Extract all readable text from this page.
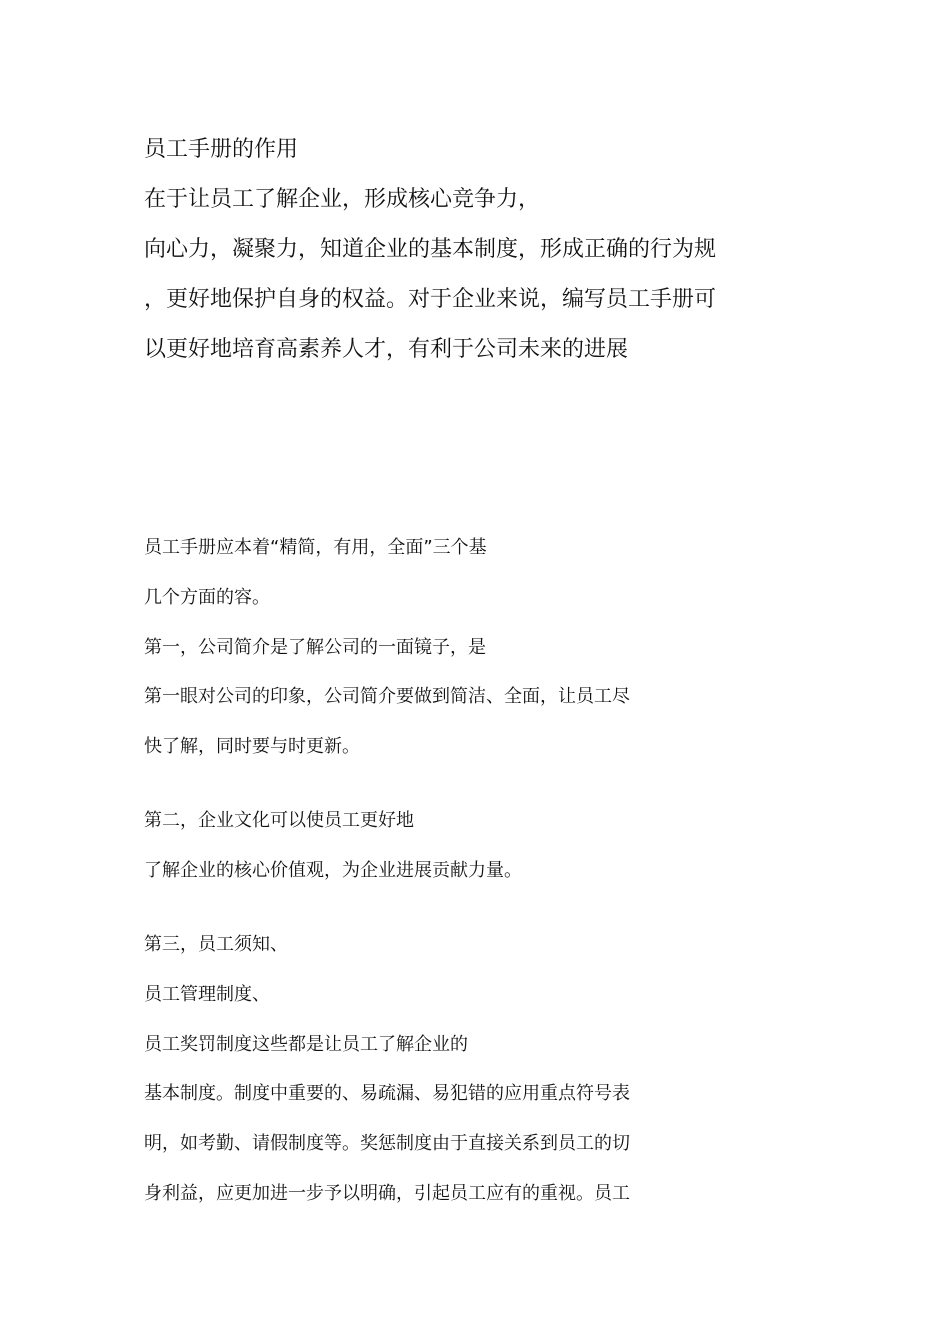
员工手册的作用

在于让员工了解企业，形成核心竞争力，

向心力，凝聚力，知道企业的基本制度，形成正确的行为规

，更好地保护自身的权益。对于企业来说，编写员工手册可

以更好地培育高素养人才，有利于公司未来的进展

员工手册应本着“精简，有用，全面”三个基

几个方面的容。

第一，公司简介是了解公司的一面镜子，是

第一眼对公司的印象，公司简介要做到简洁、全面，让员工尽

快了解，同时要与时更新。

第二，企业文化可以使员工更好地

了解企业的核心价值观，为企业进展贡献力量。

第三，员工须知、

员工管理制度、

员工奖罚制度这些都是让员工了解企业的

基本制度。制度中重要的、易疏漏、易犯错的应用重点符号表

明，如考勤、请假制度等。奖惩制度由于直接关系到员工的切

身利益，应更加进一步予以明确，引起员工应有的重视。员工
